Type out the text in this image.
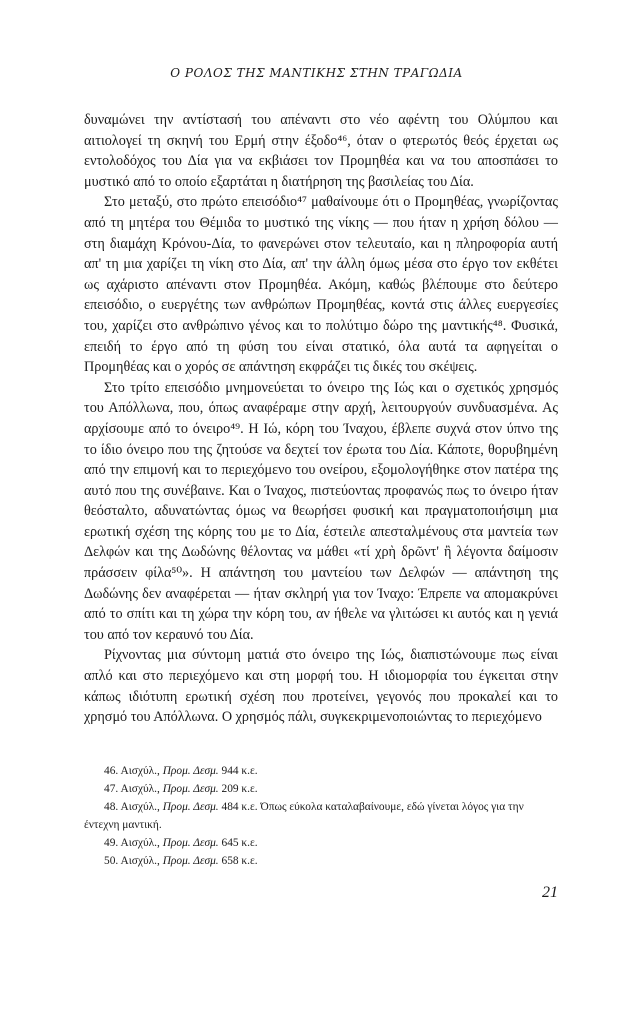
Ο ΡΟΛΟΣ ΤΗΣ ΜΑΝΤΙΚΗΣ ΣΤΗΝ ΤΡΑΓΩΔΙΑ

δυναμώνει την αντίστασή του απέναντι στο νέο αφέντη του Ολύμπου και αιτιολογεί τη σκηνή του Ερμή στην έξοδο⁴⁶, όταν ο φτερωτός θεός έρχεται ως εντολοδόχος του Δία για να εκβιάσει τον Προμηθέα και να του αποσπάσει το μυστικό από το οποίο εξαρτάται η διατήρηση της βασιλείας του Δία.

Στο μεταξύ, στο πρώτο επεισόδιο⁴⁷ μαθαίνουμε ότι ο Προμηθέας, γνωρίζοντας από τη μητέρα του Θέμιδα το μυστικό της νίκης — που ήταν η χρήση δόλου — στη διαμάχη Κρόνου-Δία, το φανερώνει στον τελευταίο, και η πληροφορία αυτή απ' τη μια χαρίζει τη νίκη στο Δία, απ' την άλλη όμως μέσα στο έργο τον εκθέτει ως αχάριστο απέναντι στον Προμηθέα. Ακόμη, καθώς βλέπουμε στο δεύτερο επεισόδιο, ο ευεργέτης των ανθρώπων Προμηθέας, κοντά στις άλλες ευεργεσίες του, χαρίζει στο ανθρώπινο γένος και το πολύτιμο δώρο της μαντικής⁴⁸. Φυσικά, επειδή το έργο από τη φύση του είναι στατικό, όλα αυτά τα αφηγείται ο Προμηθέας και ο χορός σε απάντηση εκφράζει τις δικές του σκέψεις.

Στο τρίτο επεισόδιο μνημονεύεται το όνειρο της Ιώς και ο σχετικός χρησμός του Απόλλωνα, που, όπως αναφέραμε στην αρχή, λειτουργούν συνδυασμένα. Ας αρχίσουμε από το όνειρο⁴⁹. Η Ιώ, κόρη του Ίναχου, έβλεπε συχνά στον ύπνο της το ίδιο όνειρο που της ζητούσε να δεχτεί τον έρωτα του Δία. Κάποτε, θορυβημένη από την επιμονή και το περιεχόμενο του ονείρου, εξομολογήθηκε στον πατέρα της αυτό που της συνέβαινε. Και ο Ίναχος, πιστεύοντας προφανώς πως το όνειρο ήταν θεόσταλτο, αδυνατώντας όμως να θεωρήσει φυσική και πραγματοποιήσιμη μια ερωτική σχέση της κόρης του με το Δία, έστειλε απεσταλμένους στα μαντεία των Δελφών και της Δωδώνης θέλοντας να μάθει «τί χρὴ δρῶντ' ἢ λέγοντα δαίμοσιν πράσσειν φίλα⁵⁰». Η απάντηση του μαντείου των Δελφών — απάντηση της Δωδώνης δεν αναφέρεται — ήταν σκληρή για τον Ίναχο: Έπρεπε να απομακρύνει από το σπίτι και τη χώρα την κόρη του, αν ήθελε να γλιτώσει κι αυτός και η γενιά του από τον κεραυνό του Δία.

Ρίχνοντας μια σύντομη ματιά στο όνειρο της Ιώς, διαπιστώνουμε πως είναι απλό και στο περιεχόμενο και στη μορφή του. Η ιδιομορφία του έγκειται στην κάπως ιδιότυπη ερωτική σχέση που προτείνει, γεγονός που προκαλεί και το χρησμό του Απόλλωνα. Ο χρησμός πάλι, συγκεκριμενοποιώντας το περιεχόμενο

46. Αισχύλ., Προμ. Δεσμ. 944 κ.ε.

47. Αισχύλ., Προμ. Δεσμ. 209 κ.ε.

48. Αισχύλ., Προμ. Δεσμ. 484 κ.ε. Όπως εύκολα καταλαβαίνουμε, εδώ γίνεται λόγος για την έντεχνη μαντική.

49. Αισχύλ., Προμ. Δεσμ. 645 κ.ε.

50. Αισχύλ., Προμ. Δεσμ. 658 κ.ε.

21
